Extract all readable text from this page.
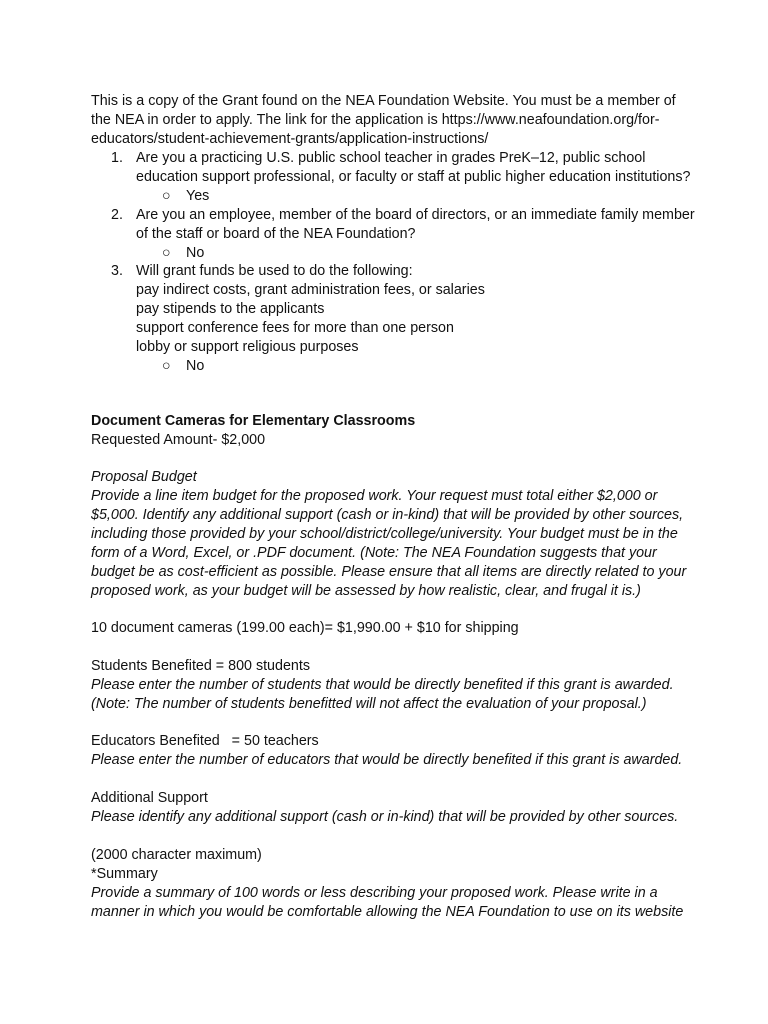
This is a copy of the Grant found on the NEA Foundation Website. You must be a member of
the NEA in order to apply. The link for the application is https://www.neafoundation.org/for-
educators/student-achievement-grants/application-instructions/
1. Are you a practicing U.S. public school teacher in grades PreK–12, public school
education support professional, or faculty or staff at public higher education institutions?
○ Yes
2. Are you an employee, member of the board of directors, or an immediate family member
of the staff or board of the NEA Foundation?
○ No
3. Will grant funds be used to do the following:
pay indirect costs, grant administration fees, or salaries
pay stipends to the applicants
support conference fees for more than one person
lobby or support religious purposes
○ No
Document Cameras for Elementary Classrooms
Requested Amount- $2,000
Proposal Budget
Provide a line item budget for the proposed work. Your request must total either $2,000 or
$5,000. Identify any additional support (cash or in-kind) that will be provided by other sources,
including those provided by your school/district/college/university. Your budget must be in the
form of a Word, Excel, or .PDF document. (Note: The NEA Foundation suggests that your
budget be as cost-efficient as possible. Please ensure that all items are directly related to your
proposed work, as your budget will be assessed by how realistic, clear, and frugal it is.)
10 document cameras (199.00 each)= $1,990.00 + $10 for shipping
Students Benefited = 800 students
Please enter the number of students that would be directly benefited if this grant is awarded.
(Note: The number of students benefitted will not affect the evaluation of your proposal.)
Educators Benefited   = 50 teachers
Please enter the number of educators that would be directly benefited if this grant is awarded.
Additional Support
Please identify any additional support (cash or in-kind) that will be provided by other sources.
(2000 character maximum)
*Summary
Provide a summary of 100 words or less describing your proposed work. Please write in a
manner in which you would be comfortable allowing the NEA Foundation to use on its website
